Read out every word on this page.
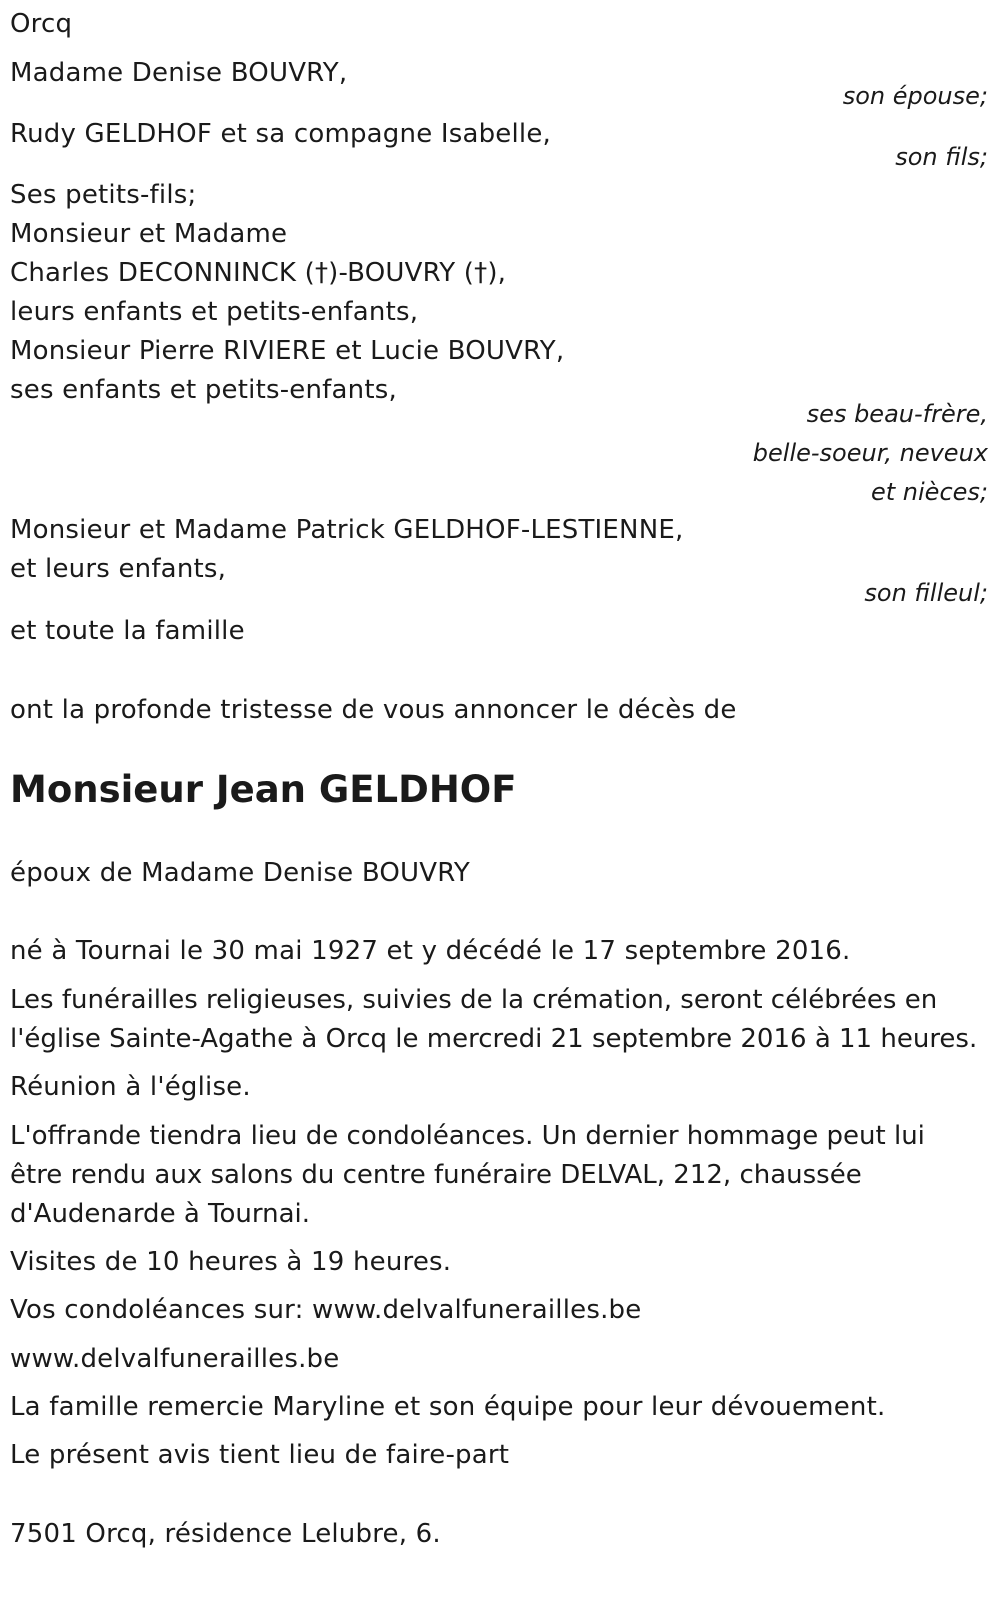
Orcq
Madame Denise BOUVRY,
son épouse;
Rudy GELDHOF et sa compagne Isabelle,
son fils;
Ses petits-fils;
Monsieur et Madame
Charles DECONNINCK (†)-BOUVRY (†),
leurs enfants et petits-enfants,
Monsieur Pierre RIVIERE et Lucie BOUVRY,
ses enfants et petits-enfants,
ses beau-frère,
belle-soeur, neveux
et nièces;
Monsieur et Madame Patrick GELDHOF-LESTIENNE,
et leurs enfants,
son filleul;
et toute la famille
ont la profonde tristesse de vous annoncer le décès de
Monsieur Jean GELDHOF
époux de Madame Denise BOUVRY
né à Tournai le 30 mai 1927 et y décédé le 17 septembre 2016.
Les funérailles religieuses, suivies de la crémation, seront célébrées en
l'église Sainte-Agathe à Orcq le mercredi 21 septembre 2016 à 11 heures.
Réunion à l'église.
L'offrande tiendra lieu de condoléances. Un dernier hommage peut lui
être rendu aux salons du centre funéraire DELVAL, 212, chaussée
d'Audenarde à Tournai.
Visites de 10 heures à 19 heures.
Vos condoléances sur: www.delvalfunerailles.be
www.delvalfunerailles.be
La famille remercie Maryline et son équipe pour leur dévouement.
Le présent avis tient lieu de faire-part
7501 Orcq, résidence Lelubre, 6.
